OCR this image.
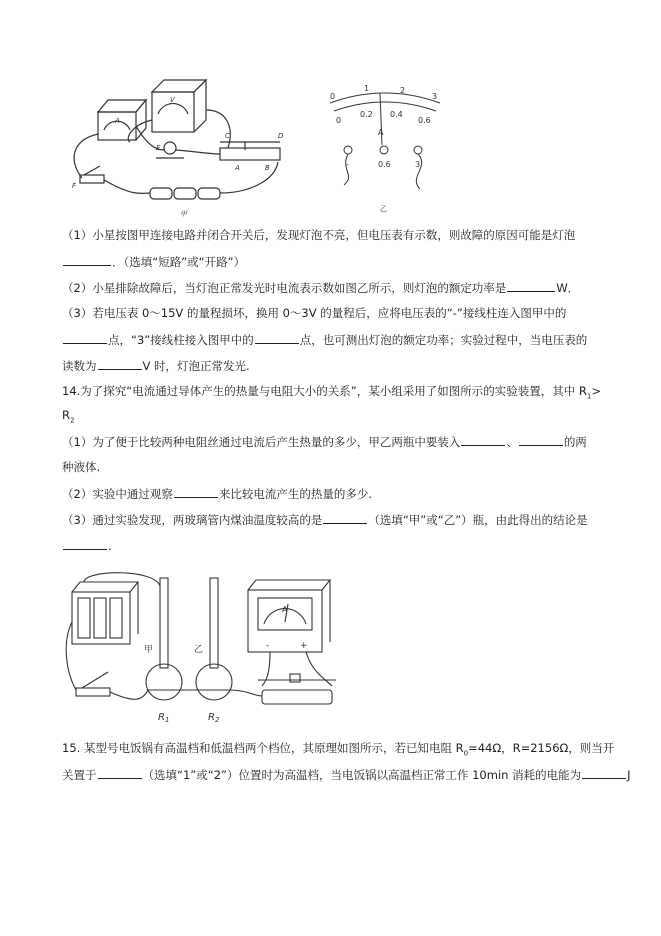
A
V
A	B
C	D
E
F
甲
0
1	2
3
0
0.2 0.4
0.6
A
-	0.6	3
乙
（1）小星按图甲连接电路并闭合开关后，发现灯泡不亮，但电压表有示数，则故障的原因可能是灯泡
．（选填“短路”或“开路”）
（2）小星排除故障后，当灯泡正常发光时电流表示数如图乙所示，则灯泡的额定功率是	W．
（3）若电压表 0～15V 的量程损坏，换用 0～3V 的量程后，应将电压表的“-”接线柱连入图甲中的
点，“3”接线柱接入图甲中的	点，也可测出灯泡的额定功率；实验过程中，当电压表的
读数为	V 时，灯泡正常发光.
14.为了探究“电流通过导体产生的热量与电阻大小的关系”，某小组采用了如图所示的实验装置，其中 $R_1>$
$R_2$
（1）为了便于比较两种电阻丝通过电流后产生热量的多少，甲乙两瓶中要装入	、	的两
种液体.
（2）实验中通过观察	来比较电流产生的热量的多少.
（3）通过实验发现，两玻璃管内煤油温度较高的是	（选填“甲”或“乙”）瓶，由此得出的结论是
.
甲	乙
A
-	+
$R_1$	$R_2$
15. 某型号电饭锅有高温档和低温档两个档位，其原理如图所示，若已知电阻 $R_0=44\Omega$，R=2156Ω，则当开
关置于	（选填“1”或“2”）位置时为高温档，当电饭锅以高温档正常工作 10min 消耗的电能为	J
